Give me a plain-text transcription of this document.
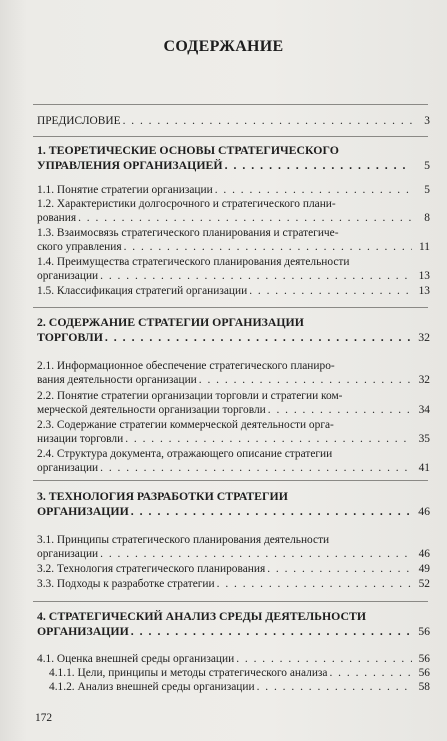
СОДЕРЖАНИЕ
ПРЕДИСЛОВИЕ . . .	3
1. ТЕОРЕТИЧЕСКИЕ ОСНОВЫ СТРАТЕГИЧЕСКОГО
УПРАВЛЕНИЯ ОРГАНИЗАЦИЕЙ . . .	5
1.1. Понятие стратегии организации . . .	5
1.2. Характеристики долгосрочного и стратегического плани-
рования . . .	8
1.3. Взаимосвязь стратегического планирования и стратегиче-
ского управления . . .	11
1.4. Преимущества стратегического планирования деятельности
организации . . .	13
1.5. Классификация стратегий организации . . .	13
2. СОДЕРЖАНИЕ СТРАТЕГИИ ОРГАНИЗАЦИИ
ТОРГОВЛИ . . .	32
2.1. Информационное обеспечение стратегического планиро-
вания деятельности организации . . .	32
2.2. Понятие стратегии организации торговли и стратегии ком-
мерческой деятельности организации торговли . . .	34
2.3. Содержание стратегии коммерческой деятельности орга-
низации торговли . . .	35
2.4. Структура документа, отражающего описание стратегии
организации . . .	41
3. ТЕХНОЛОГИЯ РАЗРАБОТКИ СТРАТЕГИИ
ОРГАНИЗАЦИИ . . .	46
3.1. Принципы стратегического планирования деятельности
организации . . .	46
3.2. Технология стратегического планирования . . .	49
3.3. Подходы к разработке стратегии . . .	52
4. СТРАТЕГИЧЕСКИЙ АНАЛИЗ СРЕДЫ ДЕЯТЕЛЬНОСТИ
ОРГАНИЗАЦИИ . . .	56
4.1. Оценка внешней среды организации . . .	56
4.1.1. Цели, принципы и методы стратегического анализа . . .	56
4.1.2. Анализ внешней среды организации . . .	58
172
